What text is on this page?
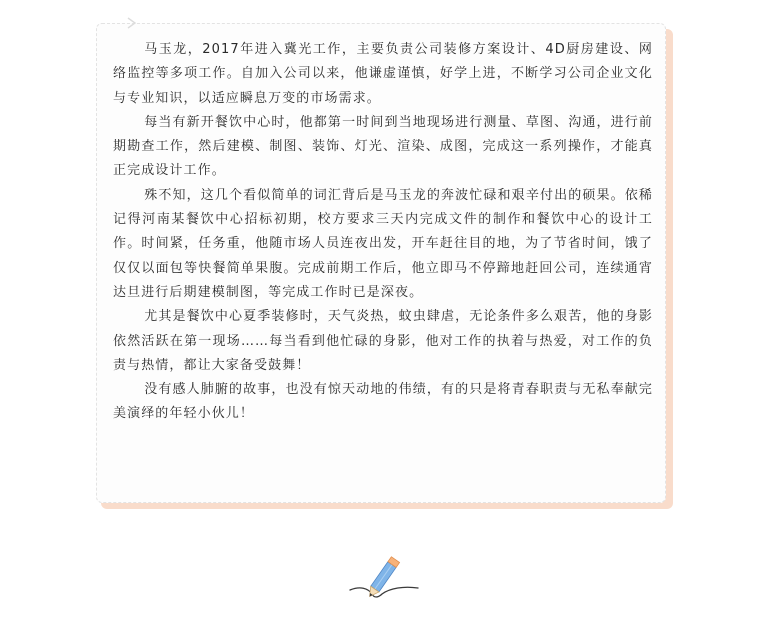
马玉龙，2017年进入冀光工作，主要负责公司装修方案设计、4D厨房建设、网络监控等多项工作。自加入公司以来，他谦虚谨慎，好学上进，不断学习公司企业文化与专业知识，以适应瞬息万变的市场需求。

每当有新开餐饮中心时，他都第一时间到当地现场进行测量、草图、沟通，进行前期勘查工作，然后建模、制图、装饰、灯光、渲染、成图，完成这一系列操作，才能真正完成设计工作。

殊不知，这几个看似简单的词汇背后是马玉龙的奔波忙碌和艰辛付出的硕果。依稀记得河南某餐饮中心招标初期，校方要求三天内完成文件的制作和餐饮中心的设计工作。时间紧，任务重，他随市场人员连夜出发，开车赶往目的地，为了节省时间，饿了仅仅以面包等快餐简单果腹。完成前期工作后，他立即马不停蹄地赶回公司，连续通宵达旦进行后期建模制图，等完成工作时已是深夜。

尤其是餐饮中心夏季装修时，天气炎热，蚊虫肆虐，无论条件多么艰苦，他的身影依然活跃在第一现场……每当看到他忙碌的身影，他对工作的执着与热爱，对工作的负责与热情，都让大家备受鼓舞！

没有感人肺腑的故事，也没有惊天动地的伟绩，有的只是将青春职责与无私奉献完美演绎的年轻小伙儿！
